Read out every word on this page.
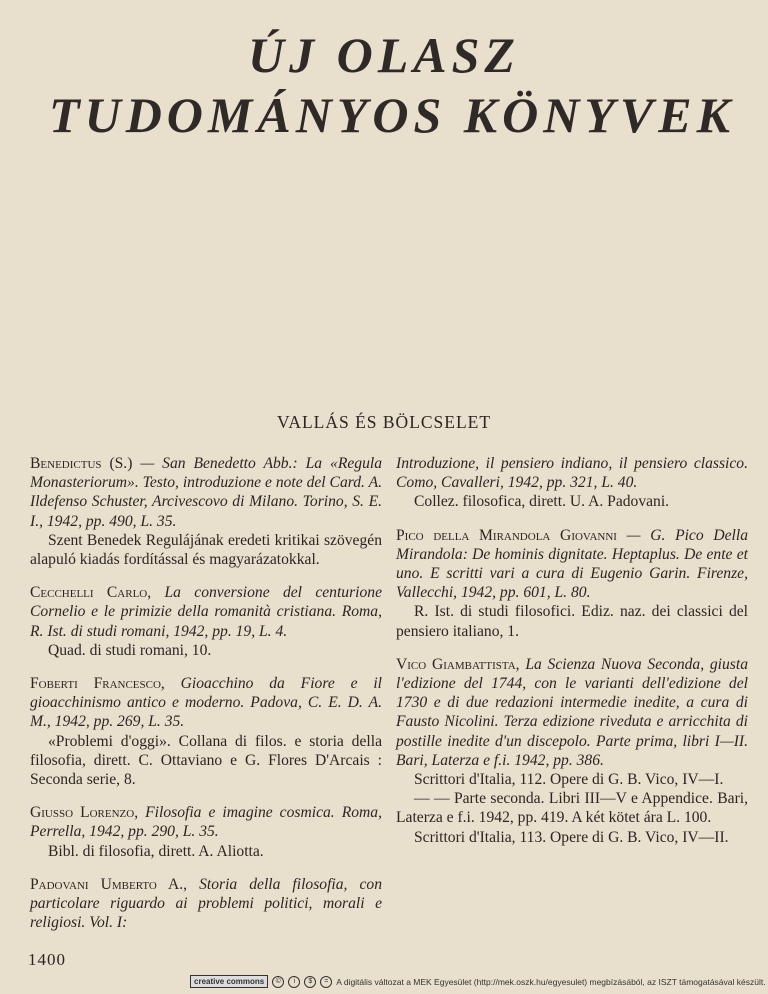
ÚJ OLASZ
TUDOMÁNYOS KÖNYVEK
VALLÁS ÉS BÖLCSELET

Benedictus (S.) — San Benedetto Abb.: La «Regula Monasteriorum». Testo, introduzione e note del Card. A. Ildefenso Schuster, Arcivescovo di Milano. Torino, S. E. I., 1942, pp. 490, L. 35.

Szent Benedek Regulájának eredeti kritikai szövegén alapuló kiadás fordítással és magyarázatokkal.

Cecchelli Carlo, La conversione del centurione Cornelio e le primizie della romanità cristiana. Roma, R. Ist. di studi romani, 1942, pp. 19, L. 4.

Quad. di studi romani, 10.

Foberti Francesco, Gioacchino da Fiore e il gioacchinismo antico e moderno. Padova, C. E. D. A. M., 1942, pp. 269, L. 35.

«Problemi d'oggi». Collana di filos. e storia della filosofia, dirett. C. Ottaviano e G. Flores D'Arcais : Seconda serie, 8.

Giusso Lorenzo, Filosofia e imagine cosmica. Roma, Perrella, 1942, pp. 290, L. 35.

Bibl. di filosofia, dirett. A. Aliotta.

Padovani Umberto A., Storia della filosofia, con particolare riguardo ai problemi politici, morali e religiosi. Vol. I:

Introduzione, il pensiero indiano, il pensiero classico. Como, Cavalleri, 1942, pp. 321, L. 40.

Collez. filosofica, dirett. U. A. Padovani.

Pico della Mirandola Giovanni — G. Pico Della Mirandola: De hominis dignitate. Heptaplus. De ente et uno. E scritti vari a cura di Eugenio Garin. Firenze, Vallecchi, 1942, pp. 601, L. 80.

R. Ist. di studi filosofici. Ediz. naz. dei classici del pensiero italiano, 1.

Vico Giambattista, La Scienza Nuova Seconda, giusta l'edizione del 1744, con le varianti dell'edizione del 1730 e di due redazioni intermedie inedite, a cura di Fausto Nicolini. Terza edizione riveduta e arricchita di postille inedite d'un discepolo. Parte prima, libri I—II. Bari, Laterza e f.i. 1942, pp. 386.

Scrittori d'Italia, 112. Opere di G. B. Vico, IV—I.

— — Parte seconda. Libri III—V e Appendice. Bari, Laterza e f.i. 1942, pp. 419. A két kötet ára L. 100.

Scrittori d'Italia, 113. Opere di G. B. Vico, IV—II.

1400
creative commons	©	i	$	= A digitális változat a MEK Egyesület (http://mek.oszk.hu/egyesulet) megbízásából, az ISZT támogatásával készült.
